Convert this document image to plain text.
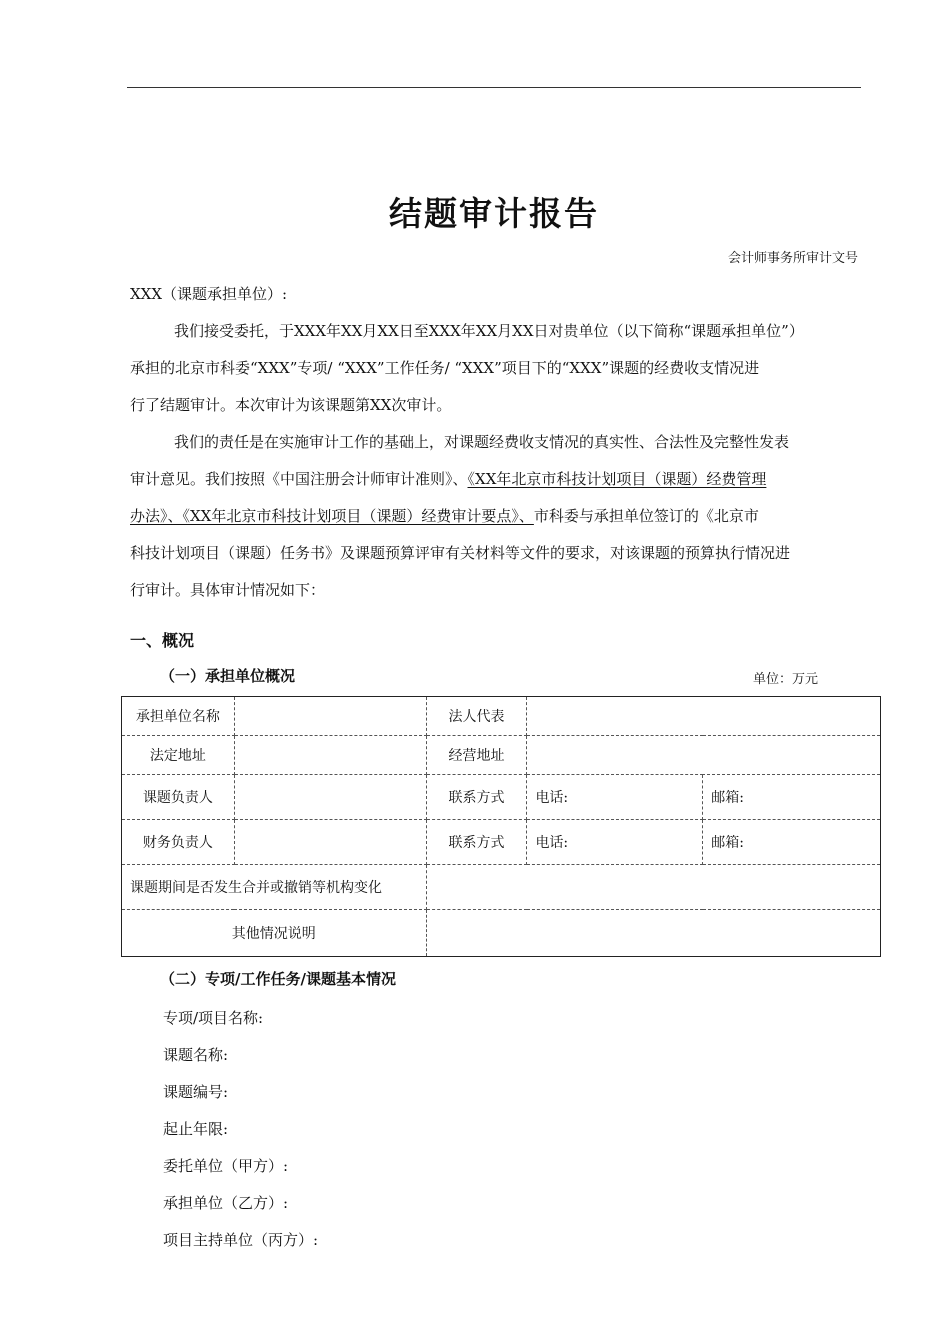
结题审计报告
会计师事务所审计文号
XXX（课题承担单位）:
我们接受委托，于XXX年XX月XX日至XXX年XX月XX日对贵单位（以下简称“课题承担单位”）
承担的北京市科委“XXX”专项/ “XXX”工作任务/ “XXX”项目下的“XXX”课题的经费收支情况进
行了结题审计。本次审计为该课题第XX次审计。
我们的责任是在实施审计工作的基础上，对课题经费收支情况的真实性、合法性及完整性发表
审计意见。我们按照《中国注册会计师审计准则》、《XX年北京市科技计划项目（课题）经费管理
办法》、《XX年北京市科技计划项目（课题）经费审计要点》、市科委与承担单位签订的《北京市
科技计划项目（课题）任务书》及课题预算评审有关材料等文件的要求，对该课题的预算执行情况进
行审计。具体审计情况如下：
一、概况
（一）承担单位概况	单位：万元
承担单位名称		法人代表		
法定地址		经营地址		
课题负责人		联系方式	电话:	邮箱:
财务负责人		联系方式	电话:	邮箱:
课题期间是否发生合并或撤销等机构变化				
其他情况说明				
（二）专项/工作任务/课题基本情况
专项/项目名称:
课题名称:
课题编号:
起止年限:
委托单位（甲方）:
承担单位（乙方）:
项目主持单位（丙方）:
